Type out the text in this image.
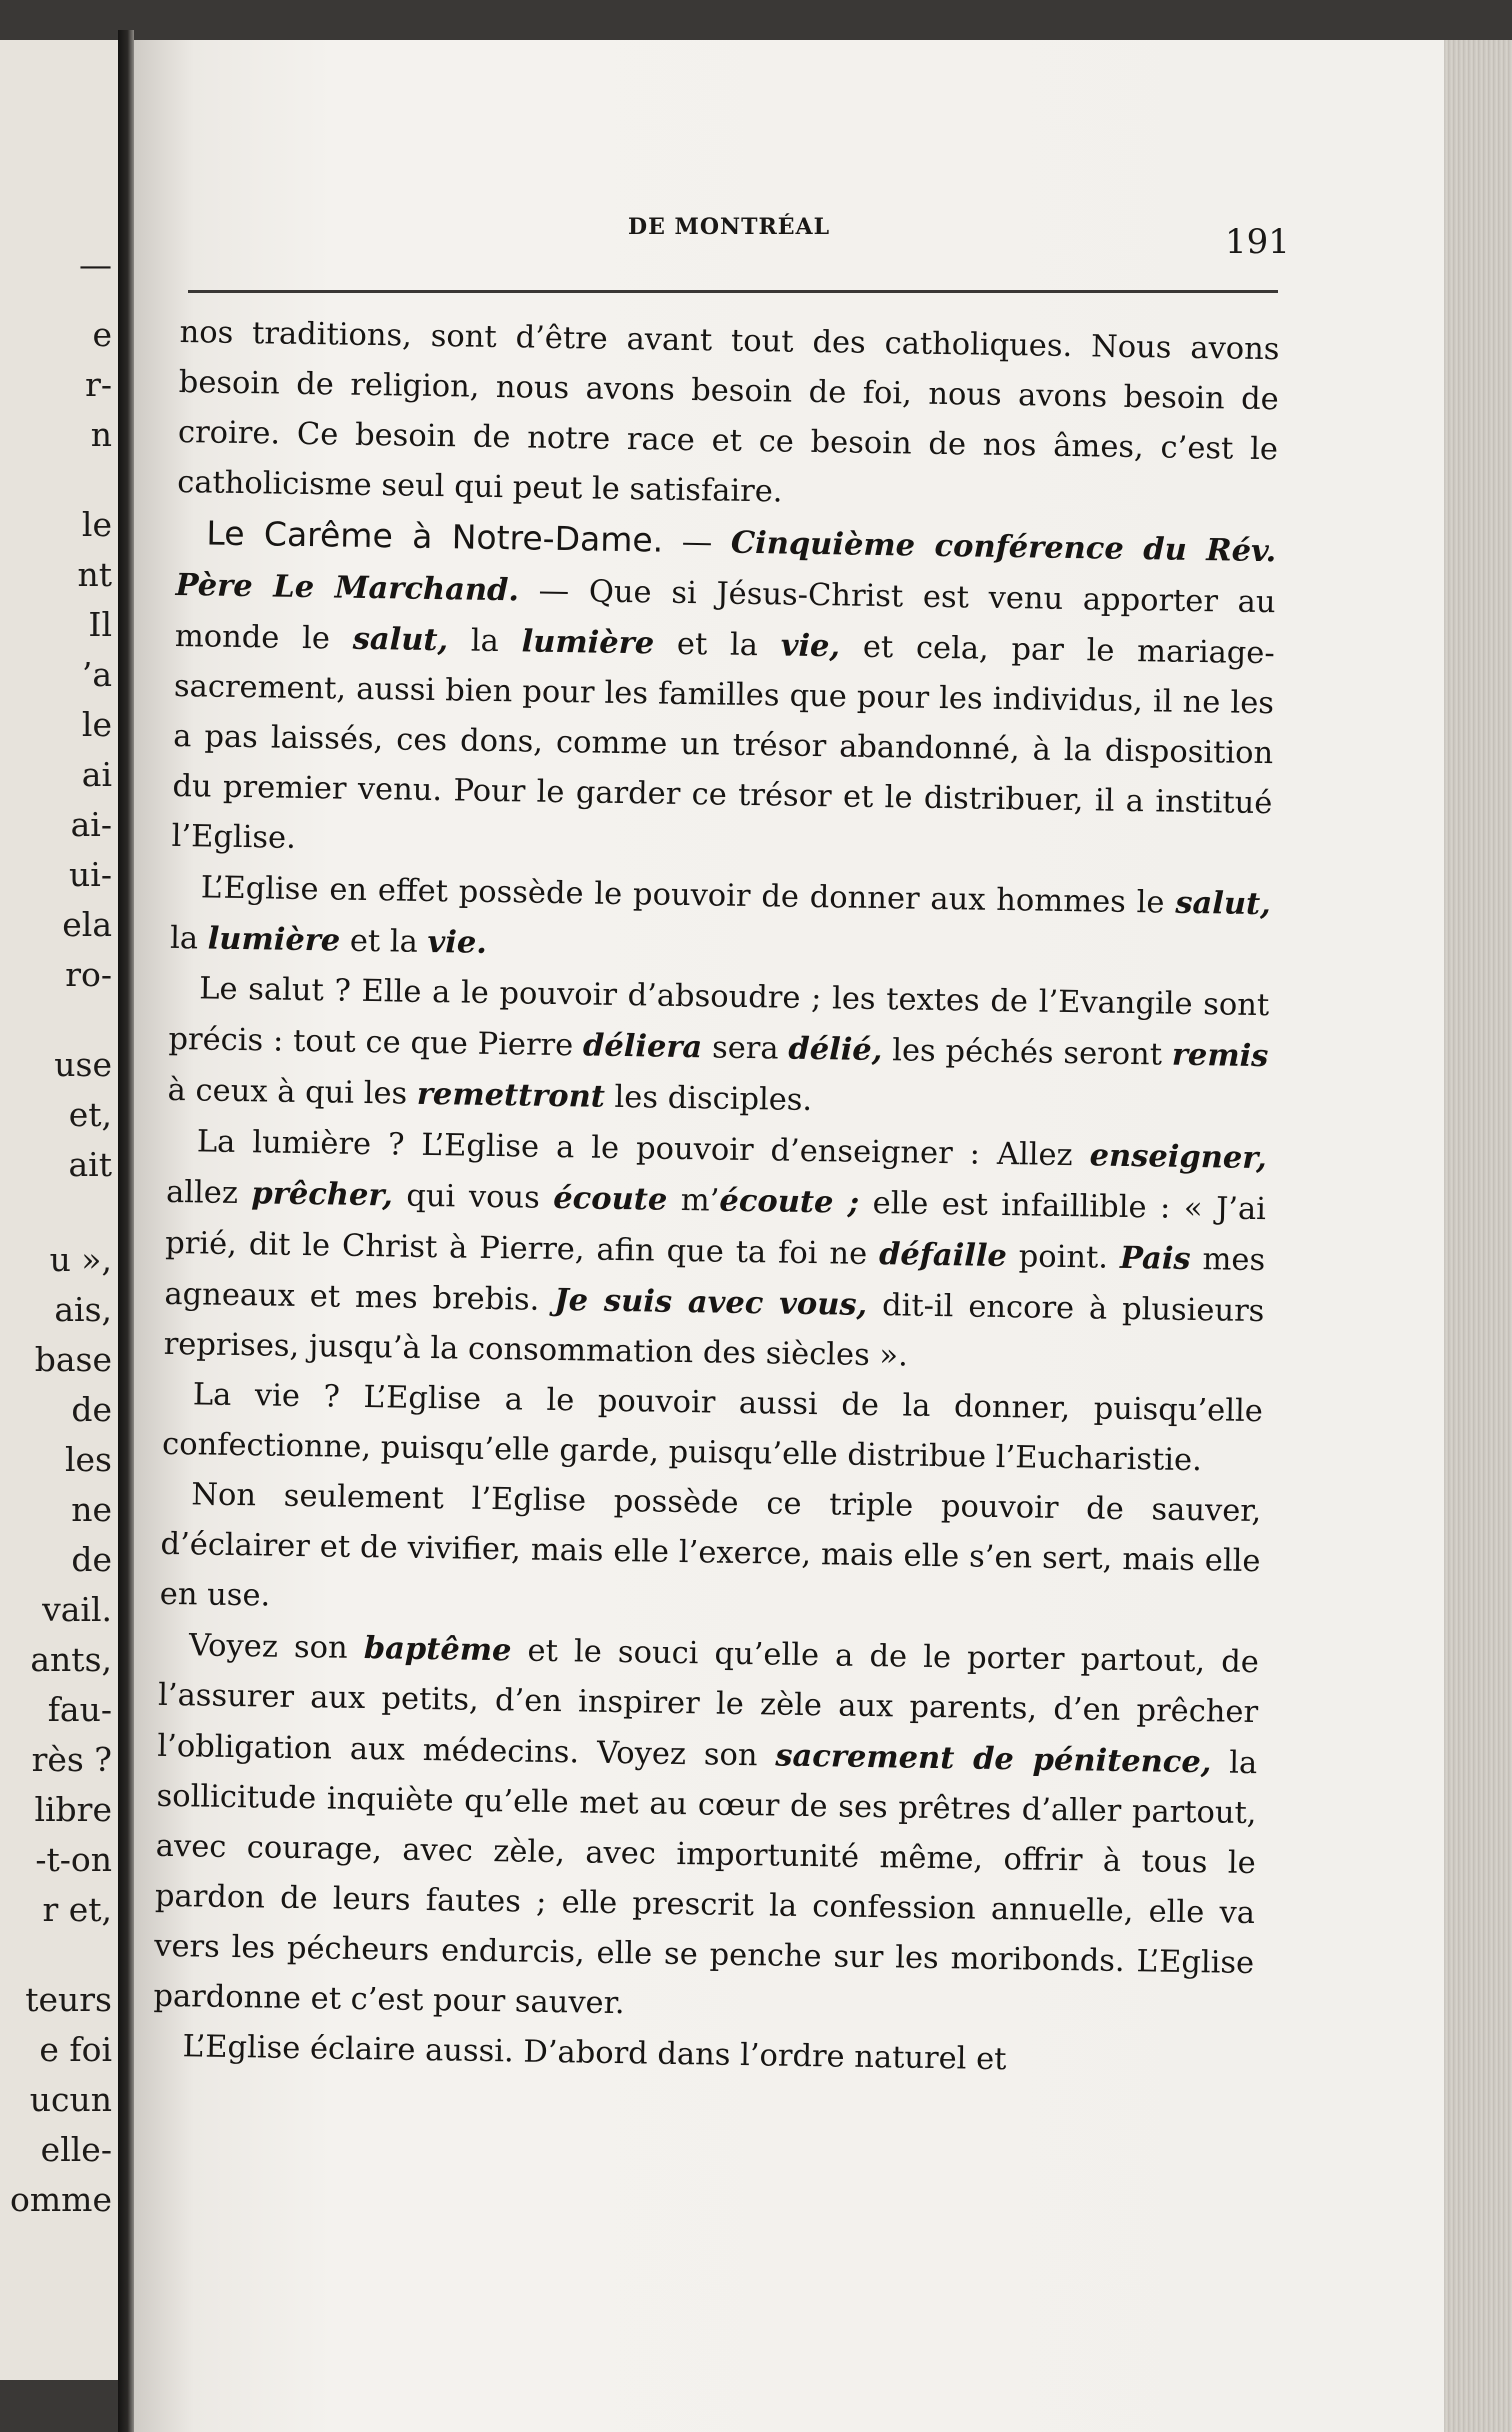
—

e

r-

n

le

nt

Il

’a

le

ai

ai-

ui-

ela

ro-

use

et,

ait

u »,

ais,

base

de

les

ne

de

vail.

ants,

fau-

rès ?

libre

-t-on

r et,

teurs

e foi

ucun

elle-

omme

DE MONTRÉAL	191

nos traditions, sont d’être avant tout des catholiques. Nous avons besoin de religion, nous avons besoin de foi, nous avons besoin de croire. Ce besoin de notre race et ce besoin de nos âmes, c’est le catholicisme seul qui peut le satisfaire.

Le Carême à Notre-Dame. — Cinquième conférence du Rév. Père Le Marchand. — Que si Jésus-Christ est venu apporter au monde le salut, la lumière et la vie, et cela, par le mariage-sacrement, aussi bien pour les familles que pour les individus, il ne les a pas laissés, ces dons, comme un trésor abandonné, à la disposition du premier venu. Pour le garder ce trésor et le distribuer, il a institué l’Eglise.

L’Eglise en effet possède le pouvoir de donner aux hommes le salut, la lumière et la vie.

Le salut ? Elle a le pouvoir d’absoudre ; les textes de l’Evangile sont précis : tout ce que Pierre déliera sera délié, les péchés seront remis à ceux à qui les remettront les disciples.

La lumière ? L’Eglise a le pouvoir d’enseigner : Allez enseigner, allez prêcher, qui vous écoute m’écoute ; elle est infaillible : « J’ai prié, dit le Christ à Pierre, afin que ta foi ne défaille point. Pais mes agneaux et mes brebis. Je suis avec vous, dit-il encore à plusieurs reprises, jusqu’à la consommation des siècles ».

La vie ? L’Eglise a le pouvoir aussi de la donner, puisqu’elle confectionne, puisqu’elle garde, puisqu’elle distribue l’Eucharistie.

Non seulement l’Eglise possède ce triple pouvoir de sauver, d’éclairer et de vivifier, mais elle l’exerce, mais elle s’en sert, mais elle en use.

Voyez son baptême et le souci qu’elle a de le porter partout, de l’assurer aux petits, d’en inspirer le zèle aux parents, d’en prêcher l’obligation aux médecins. Voyez son sacrement de pénitence, la sollicitude inquiète qu’elle met au cœur de ses prêtres d’aller partout, avec courage, avec zèle, avec importunité même, offrir à tous le pardon de leurs fautes ; elle prescrit la confession annuelle, elle va vers les pécheurs endurcis, elle se penche sur les moribonds. L’Eglise pardonne et c’est pour sauver.

L’Eglise éclaire aussi. D’abord dans l’ordre naturel et
